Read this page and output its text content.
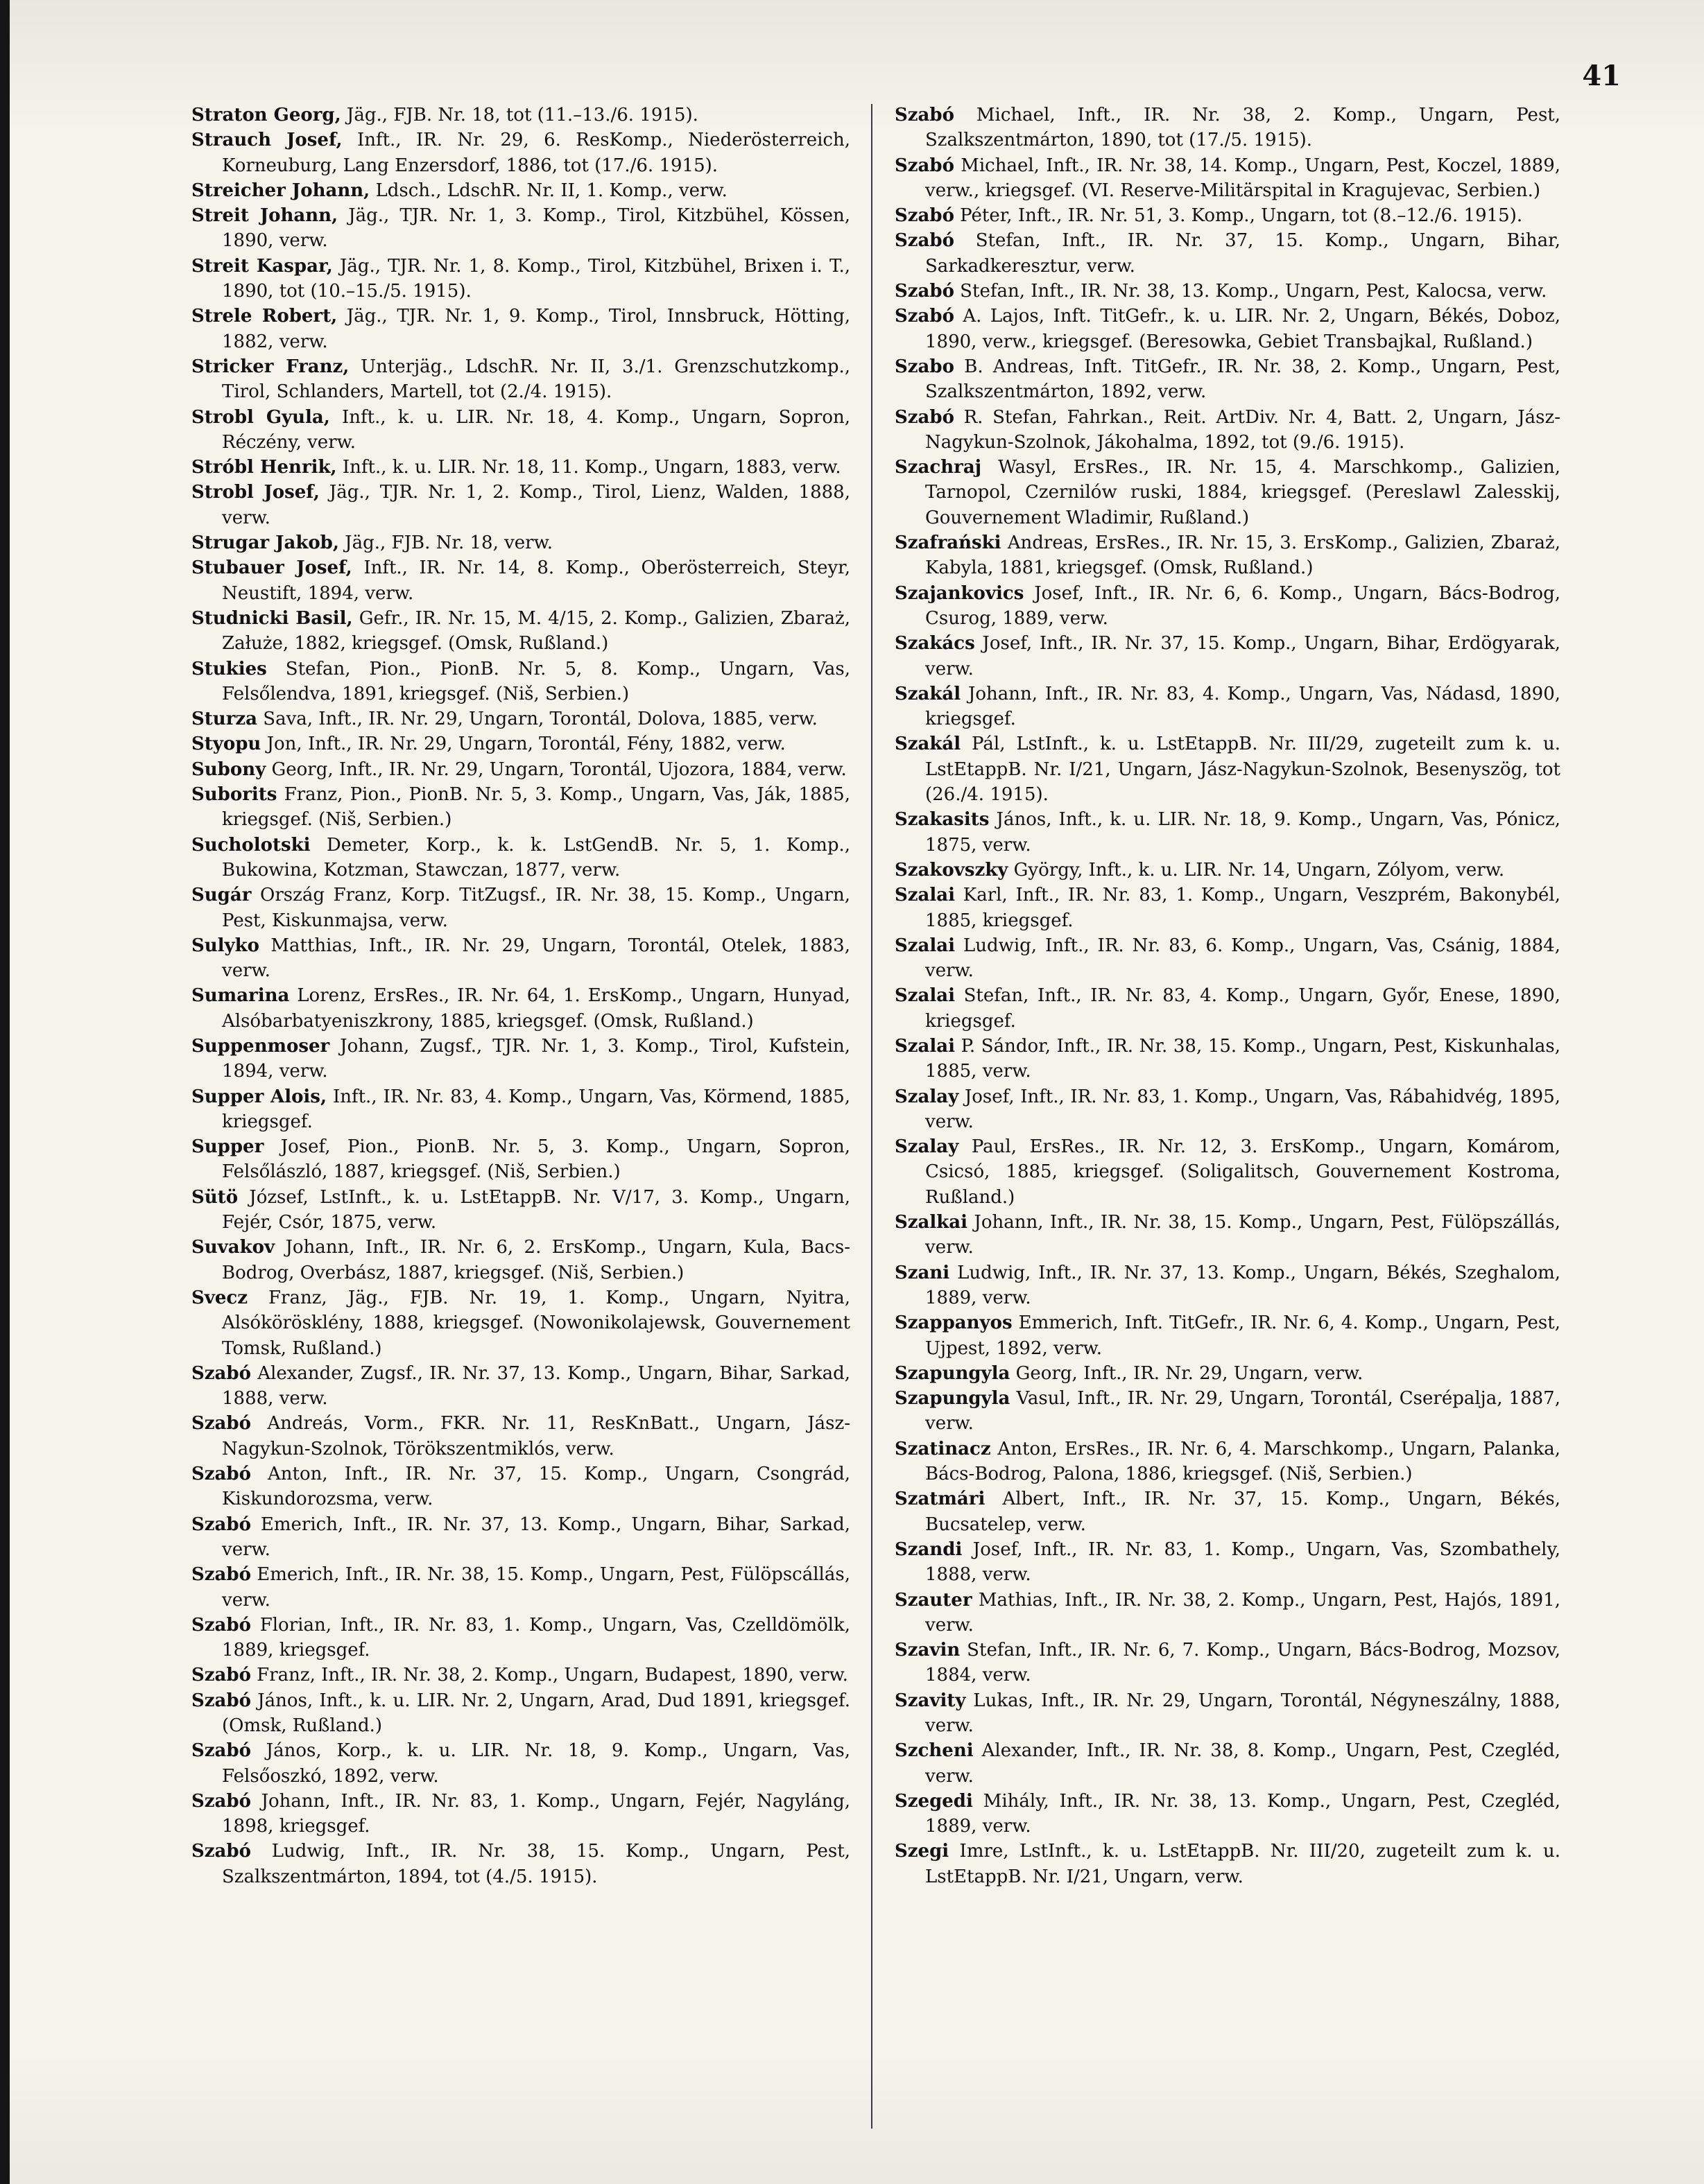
41

Straton Georg, Jäg., FJB. Nr. 18, tot (11.–13./6. 1915).

Strauch Josef, Inft., IR. Nr. 29, 6. ResKomp., Niederösterreich, Korneuburg, Lang Enzersdorf, 1886, tot (17./6. 1915).

Streicher Johann, Ldsch., LdschR. Nr. II, 1. Komp., verw.

Streit Johann, Jäg., TJR. Nr. 1, 3. Komp., Tirol, Kitzbühel, Kössen, 1890, verw.

Streit Kaspar, Jäg., TJR. Nr. 1, 8. Komp., Tirol, Kitzbühel, Brixen i. T., 1890, tot (10.–15./5. 1915).

Strele Robert, Jäg., TJR. Nr. 1, 9. Komp., Tirol, Innsbruck, Hötting, 1882, verw.

Stricker Franz, Unterjäg., LdschR. Nr. II, 3./1. Grenzschutzkomp., Tirol, Schlanders, Martell, tot (2./4. 1915).

Strobl Gyula, Inft., k. u. LIR. Nr. 18, 4. Komp., Ungarn, Sopron, Réczény, verw.

Stróbl Henrik, Inft., k. u. LIR. Nr. 18, 11. Komp., Ungarn, 1883, verw.

Strobl Josef, Jäg., TJR. Nr. 1, 2. Komp., Tirol, Lienz, Walden, 1888, verw.

Strugar Jakob, Jäg., FJB. Nr. 18, verw.

Stubauer Josef, Inft., IR. Nr. 14, 8. Komp., Oberösterreich, Steyr, Neustift, 1894, verw.

Studnicki Basil, Gefr., IR. Nr. 15, M. 4/15, 2. Komp., Galizien, Zbaraż, Załuże, 1882, kriegsgef. (Omsk, Rußland.)

Stukies Stefan, Pion., PionB. Nr. 5, 8. Komp., Ungarn, Vas, Felsőlendva, 1891, kriegsgef. (Niš, Serbien.)

Sturza Sava, Inft., IR. Nr. 29, Ungarn, Torontál, Dolova, 1885, verw.

Styopu Jon, Inft., IR. Nr. 29, Ungarn, Torontál, Fény, 1882, verw.

Subony Georg, Inft., IR. Nr. 29, Ungarn, Torontál, Ujozora, 1884, verw.

Suborits Franz, Pion., PionB. Nr. 5, 3. Komp., Ungarn, Vas, Ják, 1885, kriegsgef. (Niš, Serbien.)

Sucholotski Demeter, Korp., k. k. LstGendB. Nr. 5, 1. Komp., Bukowina, Kotzman, Stawczan, 1877, verw.

Sugár Ország Franz, Korp. TitZugsf., IR. Nr. 38, 15. Komp., Ungarn, Pest, Kiskunmajsa, verw.

Sulyko Matthias, Inft., IR. Nr. 29, Ungarn, Torontál, Otelek, 1883, verw.

Sumarina Lorenz, ErsRes., IR. Nr. 64, 1. ErsKomp., Ungarn, Hunyad, Alsóbarbatyeniszkrony, 1885, kriegsgef. (Omsk, Rußland.)

Suppenmoser Johann, Zugsf., TJR. Nr. 1, 3. Komp., Tirol, Kufstein, 1894, verw.

Supper Alois, Inft., IR. Nr. 83, 4. Komp., Ungarn, Vas, Körmend, 1885, kriegsgef.

Supper Josef, Pion., PionB. Nr. 5, 3. Komp., Ungarn, Sopron, Felsőlászló, 1887, kriegsgef. (Niš, Serbien.)

Sütö József, LstInft., k. u. LstEtappB. Nr. V/17, 3. Komp., Ungarn, Fejér, Csór, 1875, verw.

Suvakov Johann, Inft., IR. Nr. 6, 2. ErsKomp., Ungarn, Kula, Bacs-Bodrog, Overbász, 1887, kriegsgef. (Niš, Serbien.)

Svecz Franz, Jäg., FJB. Nr. 19, 1. Komp., Ungarn, Nyitra, Alsókörösklény, 1888, kriegsgef. (Nowonikolajewsk, Gouvernement Tomsk, Rußland.)

Szabó Alexander, Zugsf., IR. Nr. 37, 13. Komp., Ungarn, Bihar, Sarkad, 1888, verw.

Szabó Andreás, Vorm., FKR. Nr. 11, ResKnBatt., Ungarn, Jász-Nagykun-Szolnok, Törökszentmiklós, verw.

Szabó Anton, Inft., IR. Nr. 37, 15. Komp., Ungarn, Csongrád, Kiskundorozsma, verw.

Szabó Emerich, Inft., IR. Nr. 37, 13. Komp., Ungarn, Bihar, Sarkad, verw.

Szabó Emerich, Inft., IR. Nr. 38, 15. Komp., Ungarn, Pest, Fülöpscállás, verw.

Szabó Florian, Inft., IR. Nr. 83, 1. Komp., Ungarn, Vas, Czelldömölk, 1889, kriegsgef.

Szabó Franz, Inft., IR. Nr. 38, 2. Komp., Ungarn, Budapest, 1890, verw.

Szabó János, Inft., k. u. LIR. Nr. 2, Ungarn, Arad, Dud 1891, kriegsgef. (Omsk, Rußland.)

Szabó János, Korp., k. u. LIR. Nr. 18, 9. Komp., Ungarn, Vas, Felsőoszkó, 1892, verw.

Szabó Johann, Inft., IR. Nr. 83, 1. Komp., Ungarn, Fejér, Nagyláng, 1898, kriegsgef.

Szabó Ludwig, Inft., IR. Nr. 38, 15. Komp., Ungarn, Pest, Szalkszentmárton, 1894, tot (4./5. 1915).

Szabó Michael, Inft., IR. Nr. 38, 2. Komp., Ungarn, Pest, Szalkszentmárton, 1890, tot (17./5. 1915).

Szabó Michael, Inft., IR. Nr. 38, 14. Komp., Ungarn, Pest, Koczel, 1889, verw., kriegsgef. (VI. Reserve-Militärspital in Kragujevac, Serbien.)

Szabó Péter, Inft., IR. Nr. 51, 3. Komp., Ungarn, tot (8.–12./6. 1915).

Szabó Stefan, Inft., IR. Nr. 37, 15. Komp., Ungarn, Bihar, Sarkadkeresztur, verw.

Szabó Stefan, Inft., IR. Nr. 38, 13. Komp., Ungarn, Pest, Kalocsa, verw.

Szabó A. Lajos, Inft. TitGefr., k. u. LIR. Nr. 2, Ungarn, Békés, Doboz, 1890, verw., kriegsgef. (Beresowka, Gebiet Transbajkal, Rußland.)

Szabo B. Andreas, Inft. TitGefr., IR. Nr. 38, 2. Komp., Ungarn, Pest, Szalkszentmárton, 1892, verw.

Szabó R. Stefan, Fahrkan., Reit. ArtDiv. Nr. 4, Batt. 2, Ungarn, Jász-Nagykun-Szolnok, Jákohalma, 1892, tot (9./6. 1915).

Szachraj Wasyl, ErsRes., IR. Nr. 15, 4. Marschkomp., Galizien, Tarnopol, Czernilów ruski, 1884, kriegsgef. (Pereslawl Zalesskij, Gouvernement Wladimir, Rußland.)

Szafrański Andreas, ErsRes., IR. Nr. 15, 3. ErsKomp., Galizien, Zbaraż, Kabyla, 1881, kriegsgef. (Omsk, Rußland.)

Szajankovics Josef, Inft., IR. Nr. 6, 6. Komp., Ungarn, Bács-Bodrog, Csurog, 1889, verw.

Szakács Josef, Inft., IR. Nr. 37, 15. Komp., Ungarn, Bihar, Erdögyarak, verw.

Szakál Johann, Inft., IR. Nr. 83, 4. Komp., Ungarn, Vas, Nádasd, 1890, kriegsgef.

Szakál Pál, LstInft., k. u. LstEtappB. Nr. III/29, zugeteilt zum k. u. LstEtappB. Nr. I/21, Ungarn, Jász-Nagykun-Szolnok, Besenyszög, tot (26./4. 1915).

Szakasits János, Inft., k. u. LIR. Nr. 18, 9. Komp., Ungarn, Vas, Pónicz, 1875, verw.

Szakovszky György, Inft., k. u. LIR. Nr. 14, Ungarn, Zólyom, verw.

Szalai Karl, Inft., IR. Nr. 83, 1. Komp., Ungarn, Veszprém, Bakonybél, 1885, kriegsgef.

Szalai Ludwig, Inft., IR. Nr. 83, 6. Komp., Ungarn, Vas, Csánig, 1884, verw.

Szalai Stefan, Inft., IR. Nr. 83, 4. Komp., Ungarn, Győr, Enese, 1890, kriegsgef.

Szalai P. Sándor, Inft., IR. Nr. 38, 15. Komp., Ungarn, Pest, Kiskunhalas, 1885, verw.

Szalay Josef, Inft., IR. Nr. 83, 1. Komp., Ungarn, Vas, Rábahidvég, 1895, verw.

Szalay Paul, ErsRes., IR. Nr. 12, 3. ErsKomp., Ungarn, Komárom, Csicsó, 1885, kriegsgef. (Soligalitsch, Gouvernement Kostroma, Rußland.)

Szalkai Johann, Inft., IR. Nr. 38, 15. Komp., Ungarn, Pest, Fülöpszállás, verw.

Szani Ludwig, Inft., IR. Nr. 37, 13. Komp., Ungarn, Békés, Szeghalom, 1889, verw.

Szappanyos Emmerich, Inft. TitGefr., IR. Nr. 6, 4. Komp., Ungarn, Pest, Ujpest, 1892, verw.

Szapungyla Georg, Inft., IR. Nr. 29, Ungarn, verw.

Szapungyla Vasul, Inft., IR. Nr. 29, Ungarn, Torontál, Cserépalja, 1887, verw.

Szatinacz Anton, ErsRes., IR. Nr. 6, 4. Marschkomp., Ungarn, Palanka, Bács-Bodrog, Palona, 1886, kriegsgef. (Niš, Serbien.)

Szatmári Albert, Inft., IR. Nr. 37, 15. Komp., Ungarn, Békés, Bucsatelep, verw.

Szandi Josef, Inft., IR. Nr. 83, 1. Komp., Ungarn, Vas, Szombathely, 1888, verw.

Szauter Mathias, Inft., IR. Nr. 38, 2. Komp., Ungarn, Pest, Hajós, 1891, verw.

Szavin Stefan, Inft., IR. Nr. 6, 7. Komp., Ungarn, Bács-Bodrog, Mozsov, 1884, verw.

Szavity Lukas, Inft., IR. Nr. 29, Ungarn, Torontál, Négyneszálny, 1888, verw.

Szcheni Alexander, Inft., IR. Nr. 38, 8. Komp., Ungarn, Pest, Czegléd, verw.

Szegedi Mihály, Inft., IR. Nr. 38, 13. Komp., Ungarn, Pest, Czegléd, 1889, verw.

Szegi Imre, LstInft., k. u. LstEtappB. Nr. III/20, zugeteilt zum k. u. LstEtappB. Nr. I/21, Ungarn, verw.
